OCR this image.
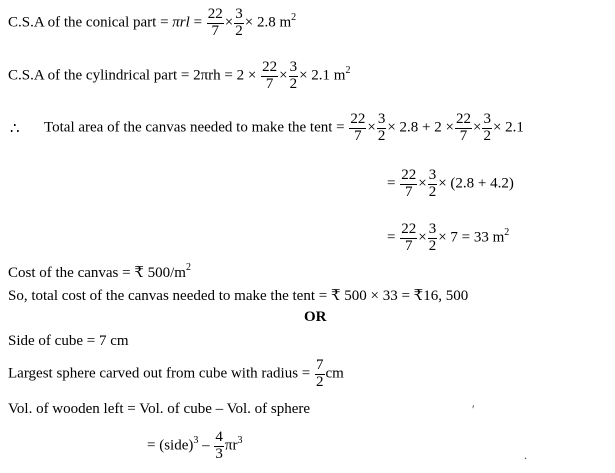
C.S.A of the conical part = $\pi rl = \frac{22}{7} \times \frac{3}{2} \times 2.8$ $m^2$
C.S.A of the cylindrical part = $2\pi rh = 2 \times \frac{22}{7} \times \frac{3}{2} \times 2.1$ $m^2$
∴ Total area of the canvas needed to make the tent = $\frac{22}{7} \times \frac{3}{2} \times 2.8 + 2 \times \frac{22}{7} \times \frac{3}{2} \times 2.1$
= $\frac{22}{7} \times \frac{3}{2} \times (2.8 + 4.2)$
= $\frac{22}{7} \times \frac{3}{2} \times 7 = 33$ $m^2$
Cost of the canvas = ₹ $500/m^2$
So, total cost of the canvas needed to make the tent = ₹ 500 × 33 = ₹16, 500
OR
Side of cube = 7 cm
Largest sphere carved out from cube with radius = $\frac{7}{2}$ cm
Vol. of wooden left = Vol. of cube – Vol. of sphere
= (side)$^3$ – $\frac{4}{3} \pi r^3$
′
.
